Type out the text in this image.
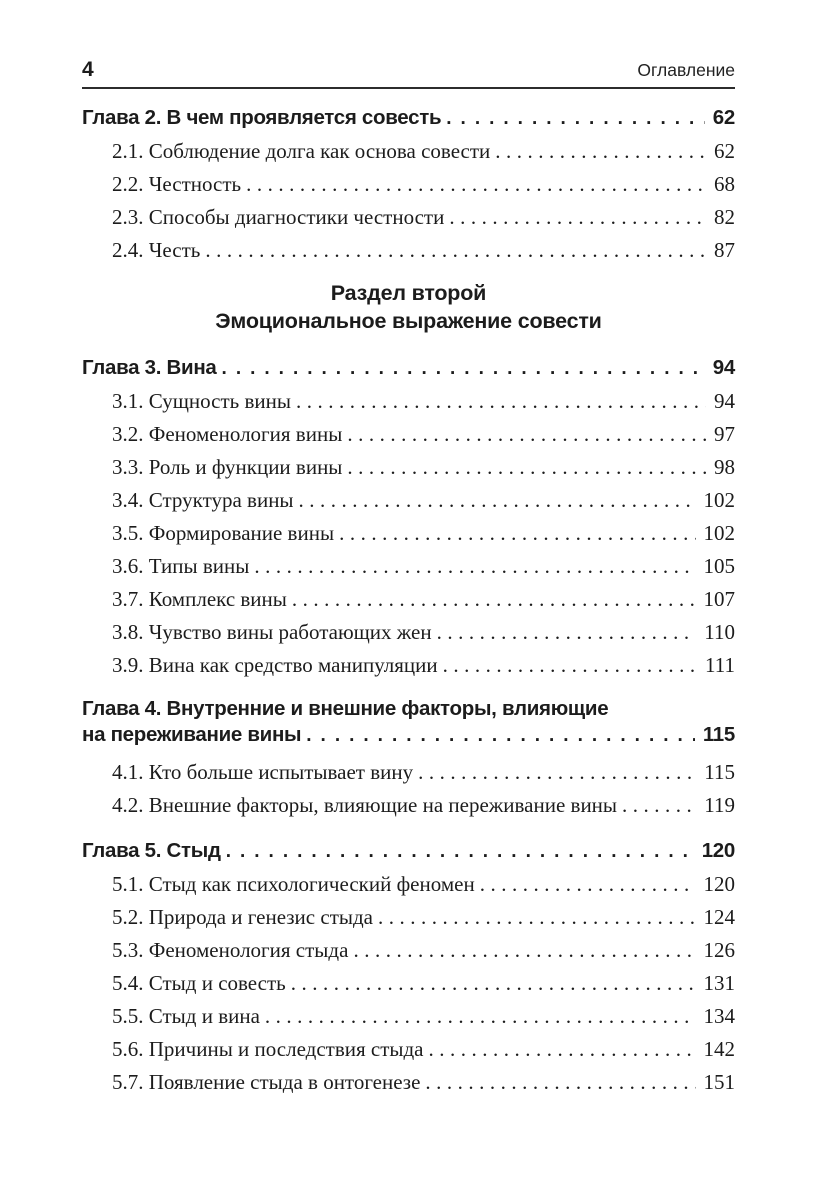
4	Оглавление
Глава 2. В чем проявляется совесть .....	62
2.1. Соблюдение долга как основа совести .....	62
2.2. Честность .....	68
2.3. Способы диагностики честности .....	82
2.4. Честь .....	87
Раздел второй
Эмоциональное выражение совести
Глава 3. Вина .....	94
3.1. Сущность вины .....	94
3.2. Феноменология вины .....	97
3.3. Роль и функции вины .....	98
3.4. Структура вины .....	102
3.5. Формирование вины .....	102
3.6. Типы вины .....	105
3.7. Комплекс вины .....	107
3.8. Чувство вины работающих жен .....	110
3.9. Вина как средство манипуляции .....	111
Глава 4. Внутренние и внешние факторы, влияющие
на переживание вины .....	115
4.1. Кто больше испытывает вину .....	115
4.2. Внешние факторы, влияющие на переживание вины .....	119
Глава 5. Стыд .....	120
5.1. Стыд как психологический феномен .....	120
5.2. Природа и генезис стыда .....	124
5.3. Феноменология стыда .....	126
5.4. Стыд и совесть .....	131
5.5. Стыд и вина .....	134
5.6. Причины и последствия стыда .....	142
5.7. Появление стыда в онтогенезе .....	151
